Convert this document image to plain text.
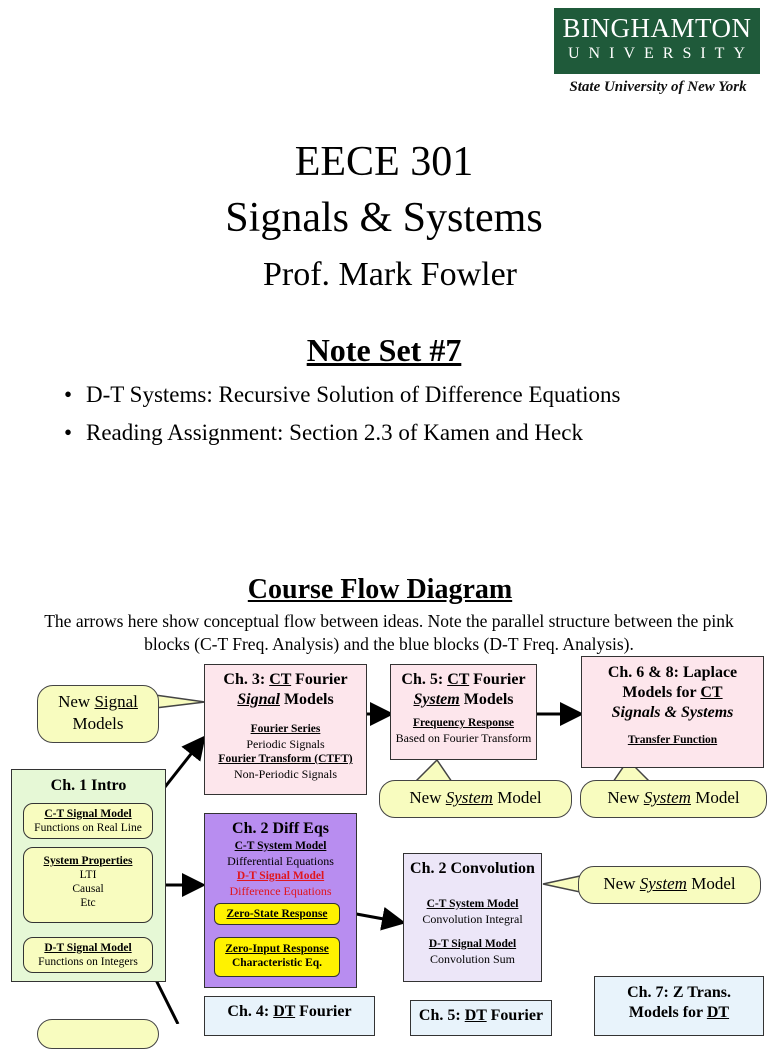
BINGHAMTON
UNIVERSITY
State University of New York
EECE 301
Signals & Systems
Prof. Mark Fowler
Note Set #7
• D-T Systems: Recursive Solution of Difference Equations
• Reading Assignment: Section 2.3 of Kamen and Heck
Course Flow Diagram
The arrows here show conceptual flow between ideas. Note the parallel structure between the pink blocks (C-T Freq. Analysis) and the blue blocks (D-T Freq. Analysis).
New Signal
Models
Ch. 3: CT Fourier
Signal Models
Fourier Series
Periodic Signals
Fourier Transform (CTFT)
Non-Periodic Signals
Ch. 5: CT Fourier
System Models
Frequency Response
Based on Fourier Transform
Ch. 6 & 8: Laplace
Models for CT
Signals & Systems
Transfer Function
New System Model	New System Model
New System Model
Ch. 1 Intro
C-T Signal Model
Functions on Real Line
System Properties
LTI
Causal
Etc
D-T Signal Model
Functions on Integers
Ch. 2 Diff Eqs
C-T System Model
Differential Equations
D-T Signal Model
Difference Equations
Zero-State Response
Zero-Input Response
Characteristic Eq.
Ch. 2 Convolution
C-T System Model
Convolution Integral
D-T Signal Model
Convolution Sum
Ch. 4: DT Fourier	Ch. 5: DT Fourier
Ch. 7: Z Trans.
Models for DT
